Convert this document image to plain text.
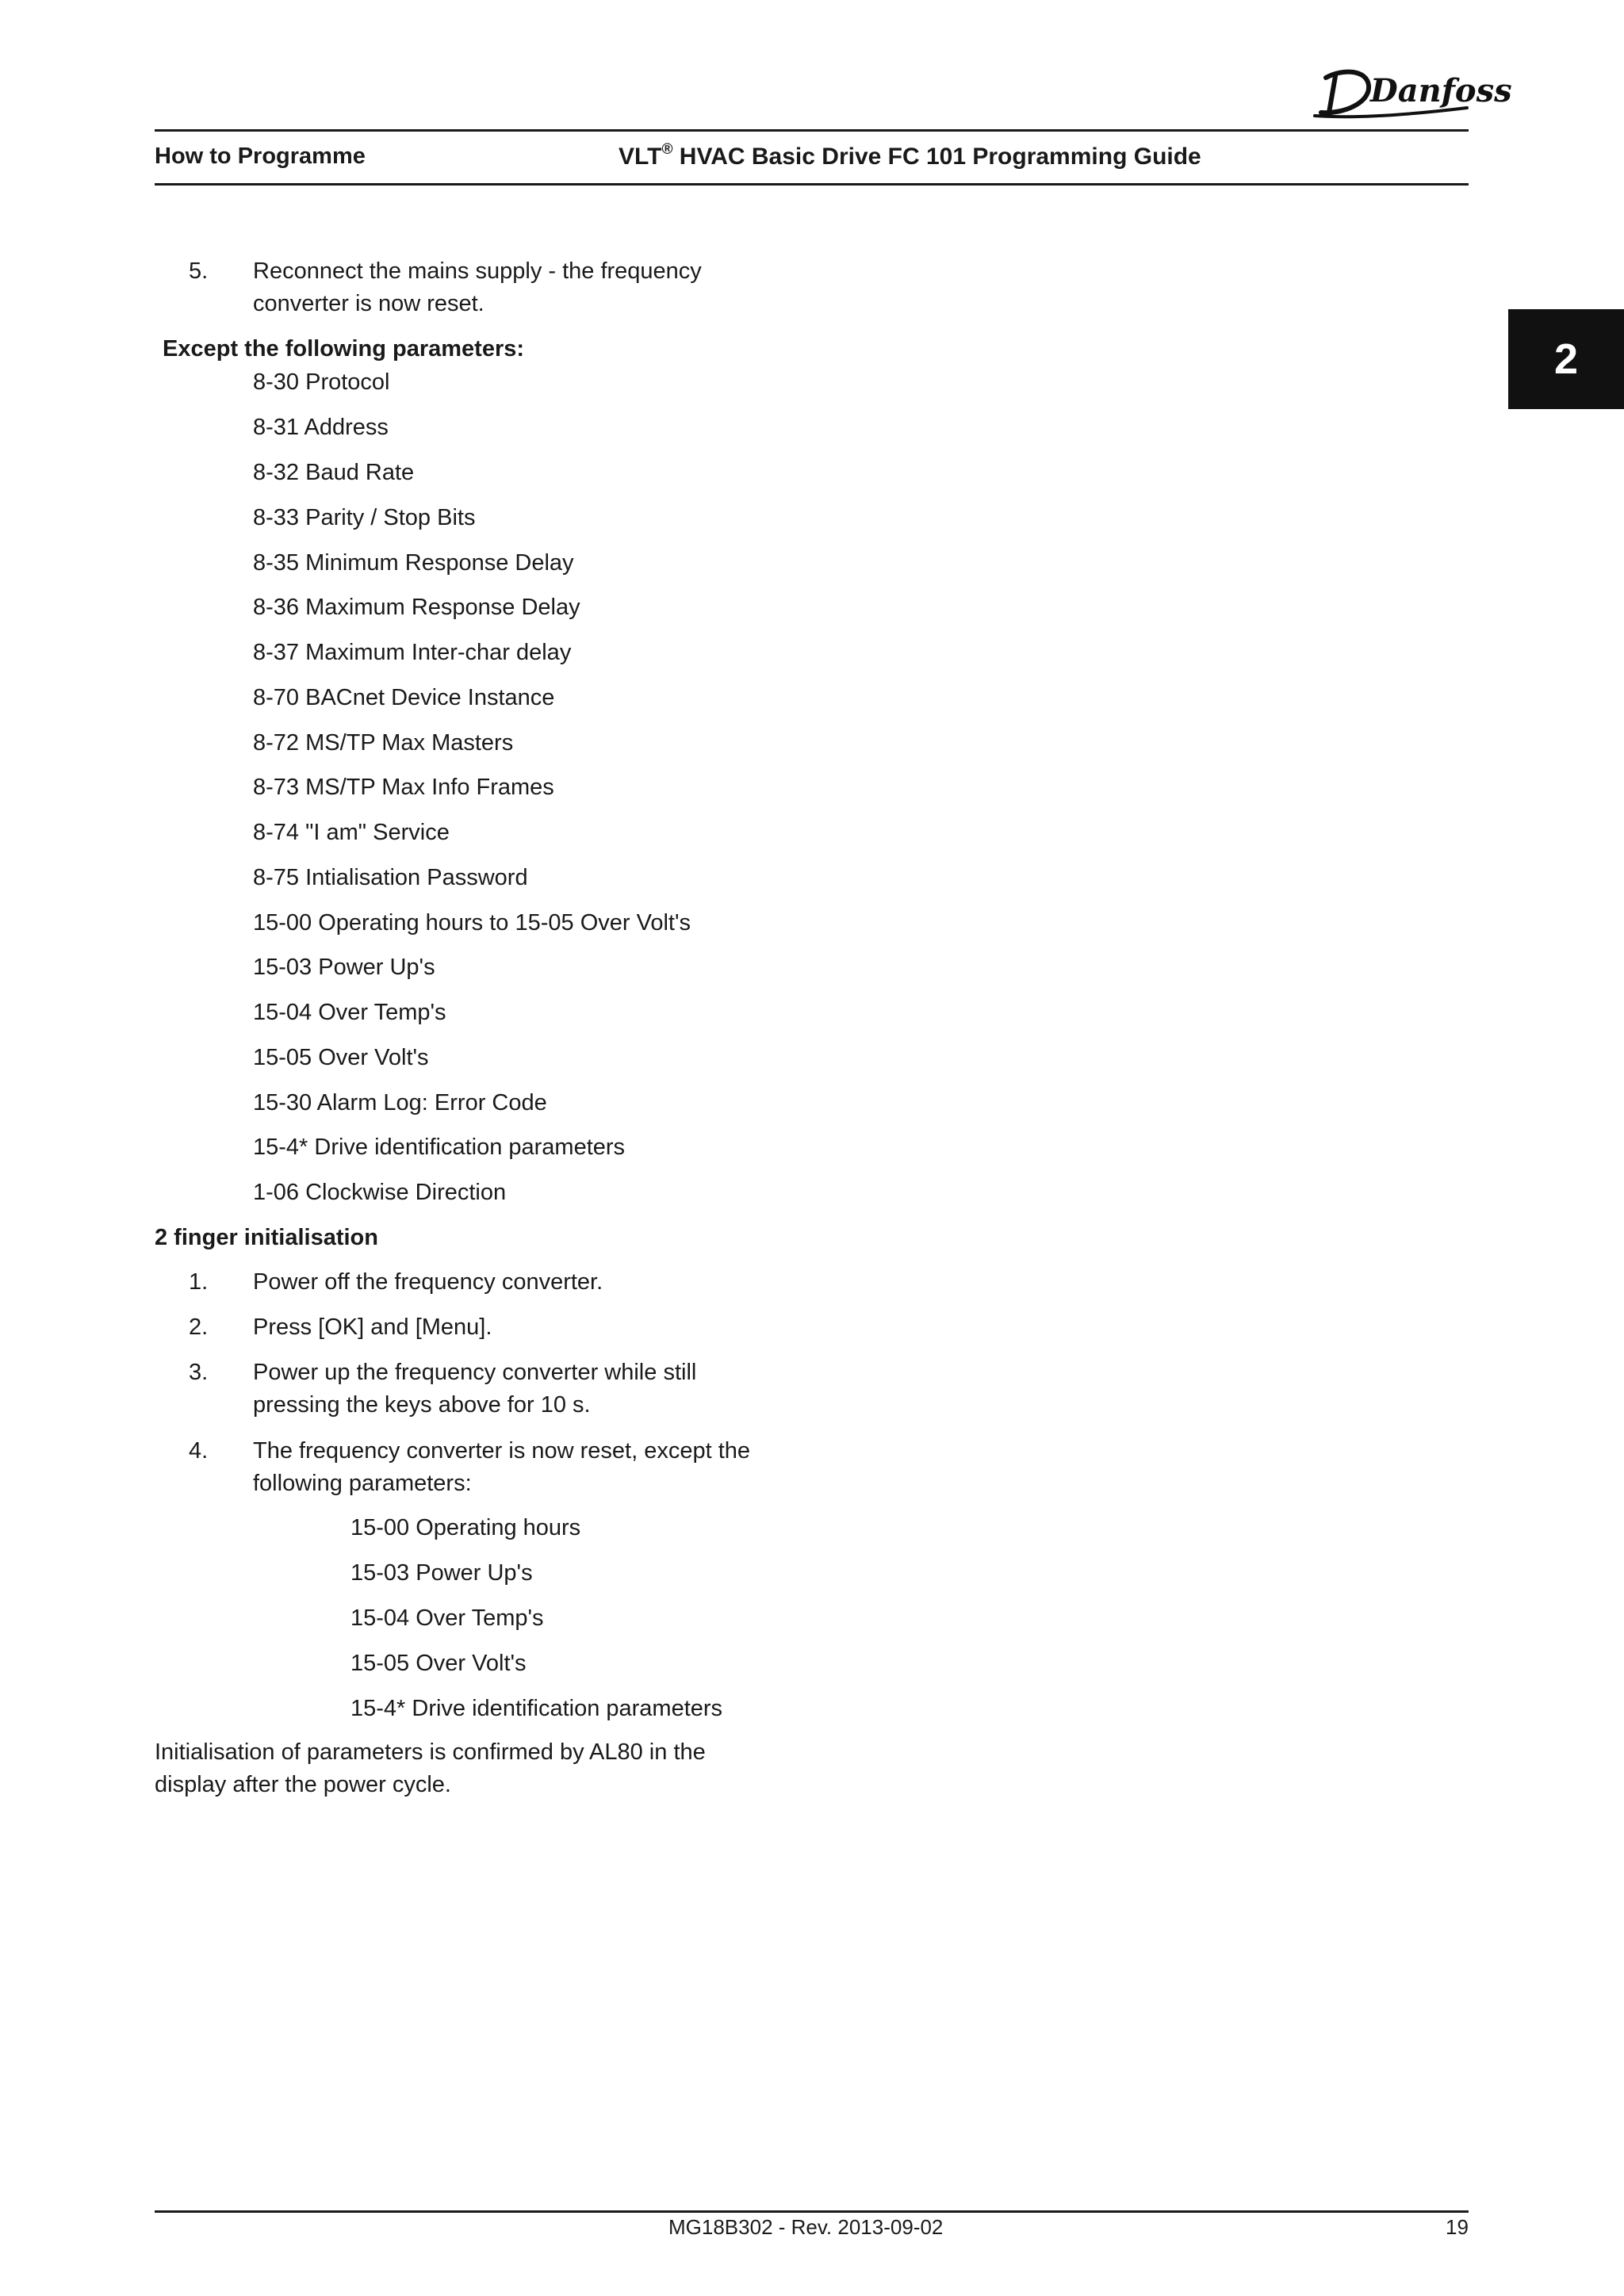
Danfoss
How to Programme	VLT® HVAC Basic Drive FC 101 Programming Guide
2
5. Reconnect the mains supply - the frequency
converter is now reset.
Except the following parameters:
8-30 Protocol
8-31 Address
8-32 Baud Rate
8-33 Parity / Stop Bits
8-35 Minimum Response Delay
8-36 Maximum Response Delay
8-37 Maximum Inter-char delay
8-70 BACnet Device Instance
8-72 MS/TP Max Masters
8-73 MS/TP Max Info Frames
8-74 "I am" Service
8-75 Intialisation Password
15-00 Operating hours to 15-05 Over Volt's
15-03 Power Up's
15-04 Over Temp's
15-05 Over Volt's
15-30 Alarm Log: Error Code
15-4* Drive identification parameters
1-06 Clockwise Direction
2 finger initialisation
1. Power off the frequency converter.
2. Press [OK] and [Menu].
3. Power up the frequency converter while still
pressing the keys above for 10 s.
4. The frequency converter is now reset, except the
following parameters:
15-00 Operating hours
15-03 Power Up's
15-04 Over Temp's
15-05 Over Volt's
15-4* Drive identification parameters
Initialisation of parameters is confirmed by AL80 in the
display after the power cycle.
MG18B302 - Rev. 2013-09-02	19
